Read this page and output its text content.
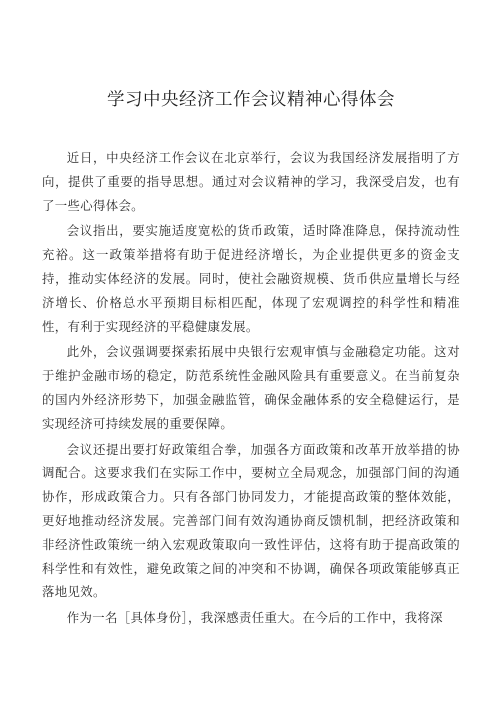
学习中央经济工作会议精神心得体会

近日，中央经济工作会议在北京举行，会议为我国经济发展指明了方向，提供了重要的指导思想。通过对会议精神的学习，我深受启发，也有了一些心得体会。

会议指出，要实施适度宽松的货币政策，适时降准降息，保持流动性充裕。这一政策举措将有助于促进经济增长，为企业提供更多的资金支持，推动实体经济的发展。同时，使社会融资规模、货币供应量增长与经济增长、价格总水平预期目标相匹配，体现了宏观调控的科学性和精准性，有利于实现经济的平稳健康发展。

此外，会议强调要探索拓展中央银行宏观审慎与金融稳定功能。这对于维护金融市场的稳定，防范系统性金融风险具有重要意义。在当前复杂的国内外经济形势下，加强金融监管，确保金融体系的安全稳健运行，是实现经济可持续发展的重要保障。

会议还提出要打好政策组合拳，加强各方面政策和改革开放举措的协调配合。这要求我们在实际工作中，要树立全局观念，加强部门间的沟通协作，形成政策合力。只有各部门协同发力，才能提高政策的整体效能，更好地推动经济发展。完善部门间有效沟通协商反馈机制，把经济政策和非经济性政策统一纳入宏观政策取向一致性评估，这将有助于提高政策的科学性和有效性，避免政策之间的冲突和不协调，确保各项政策能够真正落地见效。

作为一名［具体身份］，我深感责任重大。在今后的工作中，我将深
